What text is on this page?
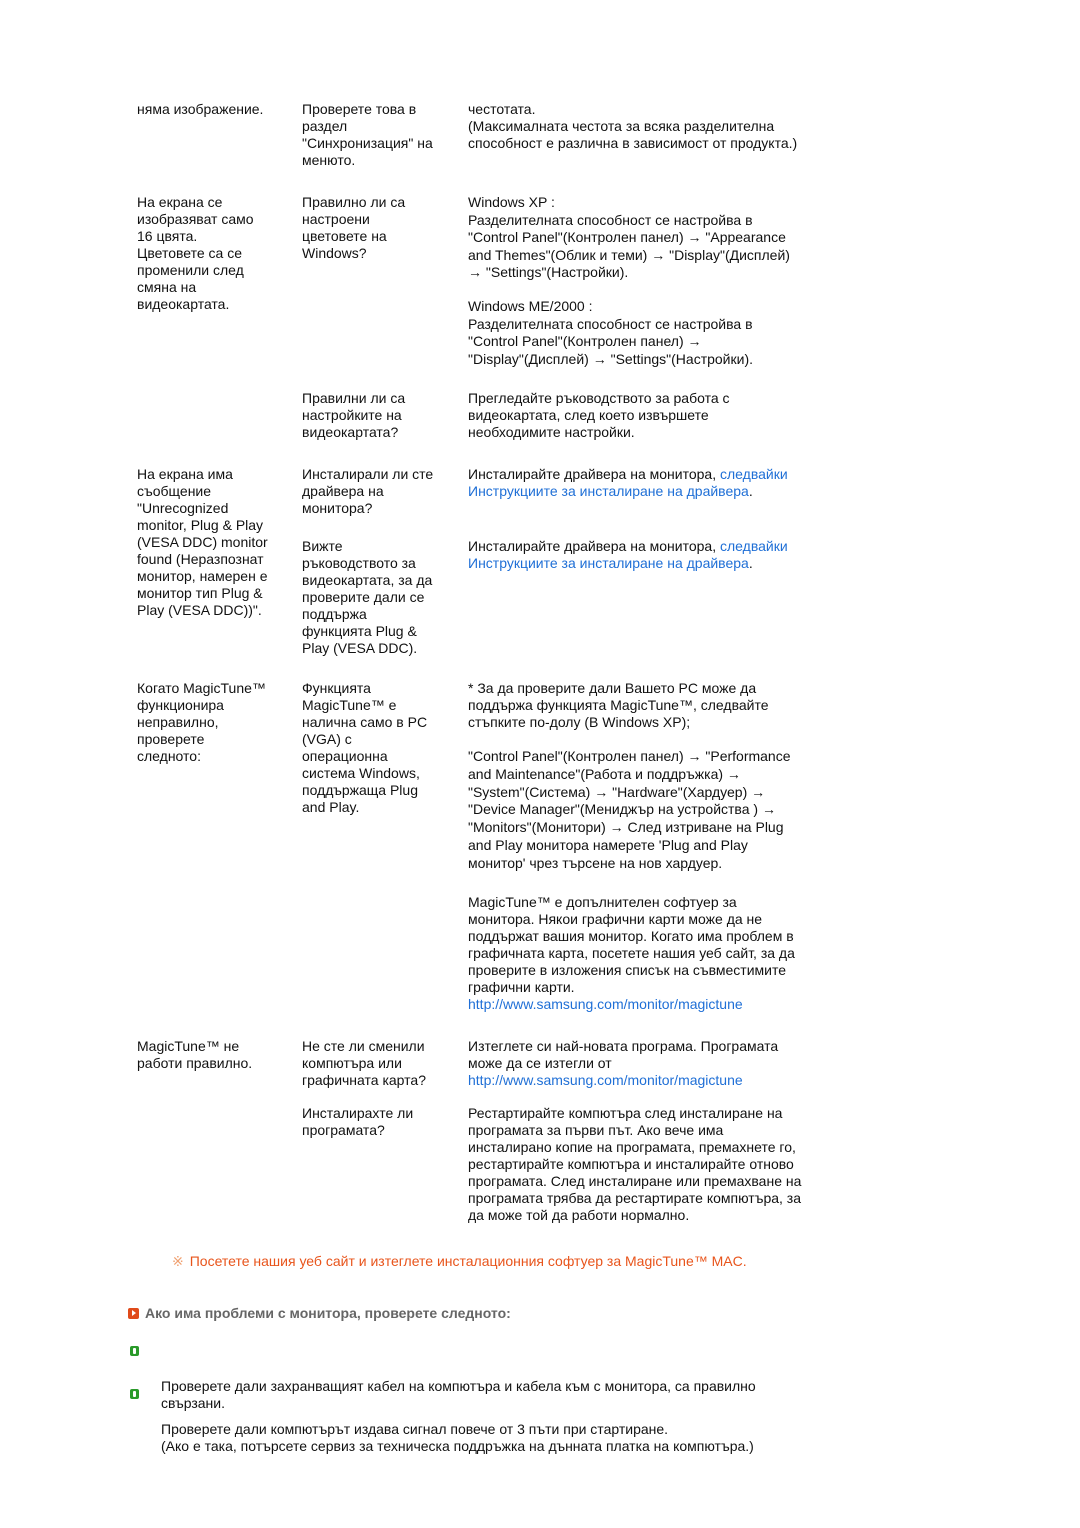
няма изображение.	Проверете това в
раздел
"Синхронизация" на
менюто.
честотата.
(Максималната честота за всяка разделителна
способност е различна в зависимост от продукта.)
На екрана се
изобразяват само
16 цвята.
Цветовете са се
променили след
смяна на
видеокартата.
Правилно ли са
настроени
цветовете на
Windows?
Windows XP :
Разделителната способност се настройва в
"Control Panel"(Контролен панел) → "Appearance
and Themes"(Облик и теми) → "Display"(Дисплей)
→ "Settings"(Настройки).
Windows ME/2000 :
Разделителната способност се настройва в
"Control Panel"(Контролен панел) →
"Display"(Дисплей) → "Settings"(Настройки).
Правилни ли са
настройките на
видеокартата?
Прегледайте ръководството за работа с
видеокартата, след което извършете
необходимите настройки.
На екрана има
съобщение
"Unrecognized
monitor, Plug & Play
(VESA DDC) monitor
found (Неразпознат
монитор, намерен е
монитор тип Plug &
Play (VESA DDC))".
Инсталирали ли сте
драйвера на
монитора?
Инсталирайте драйвера на монитора, следвайки Инструкциите за инсталиране на драйвера.
Вижте
ръководството за
видеокартата, за да
проверите дали се
поддържа
функцията Plug &
Play (VESA DDC).
Инсталирайте драйвера на монитора, следвайки Инструкциите за инсталиране на драйвера.
Когато MagicTune™
функционира
неправилно,
проверете
следното:
Функцията
MagicTune™ е
налична само в PC
(VGA) с
операционна
система Windows,
поддържаща Plug
and Play.
* За да проверите дали Вашето PC може да
поддържа функцията MagicTune™, следвайте
стъпките по-долу (В Windows XP);
"Control Panel"(Контролен панел) → "Performance
and Maintenance"(Работа и поддръжка) →
"System"(Система) → "Hardware"(Хардуер) →
"Device Manager"(Мениджър на устройства ) →
"Monitors"(Монитори) → След изтриване на Plug
and Play монитора намерете 'Plug and Play
монитор' чрез търсене на нов хардуер.
MagicTune™ е допълнителен софтуер за
монитора. Някои графични карти може да не
поддържат вашия монитор. Когато има проблем в
графичната карта, посетете нашия уеб сайт, за да
проверите в изложения списък на съвместимите
графични карти.
http://www.samsung.com/monitor/magictune
MagicTune™ не
работи правилно.
Не сте ли сменили
компютъра или
графичната карта?
Изтеглете си най-новата програма. Програмата
може да се изтегли от
http://www.samsung.com/monitor/magictune
Инсталирахте ли
програмата?
Рестартирайте компютъра след инсталиране на
програмата за първи път. Ако вече има
инсталирано копие на програмата, премахнете го,
рестартирайте компютъра и инсталирайте отново
програмата. След инсталиране или премахване на
програмата трябва да рестартирате компютъра, за
да може той да работи нормално.
※ Посетете нашия уеб сайт и изтеглете инсталационния софтуер за MagicTune™ MAC.
Ако има проблеми с монитора, проверете следното:

Проверете дали захранващият кабел на компютъра и кабела към с монитора, са правилно
свързани.

Проверете дали компютърът издава сигнал повече от 3 пъти при стартиране.
(Ако е така, потърсете сервиз за техническа поддръжка на дънната платка на компютъра.)
